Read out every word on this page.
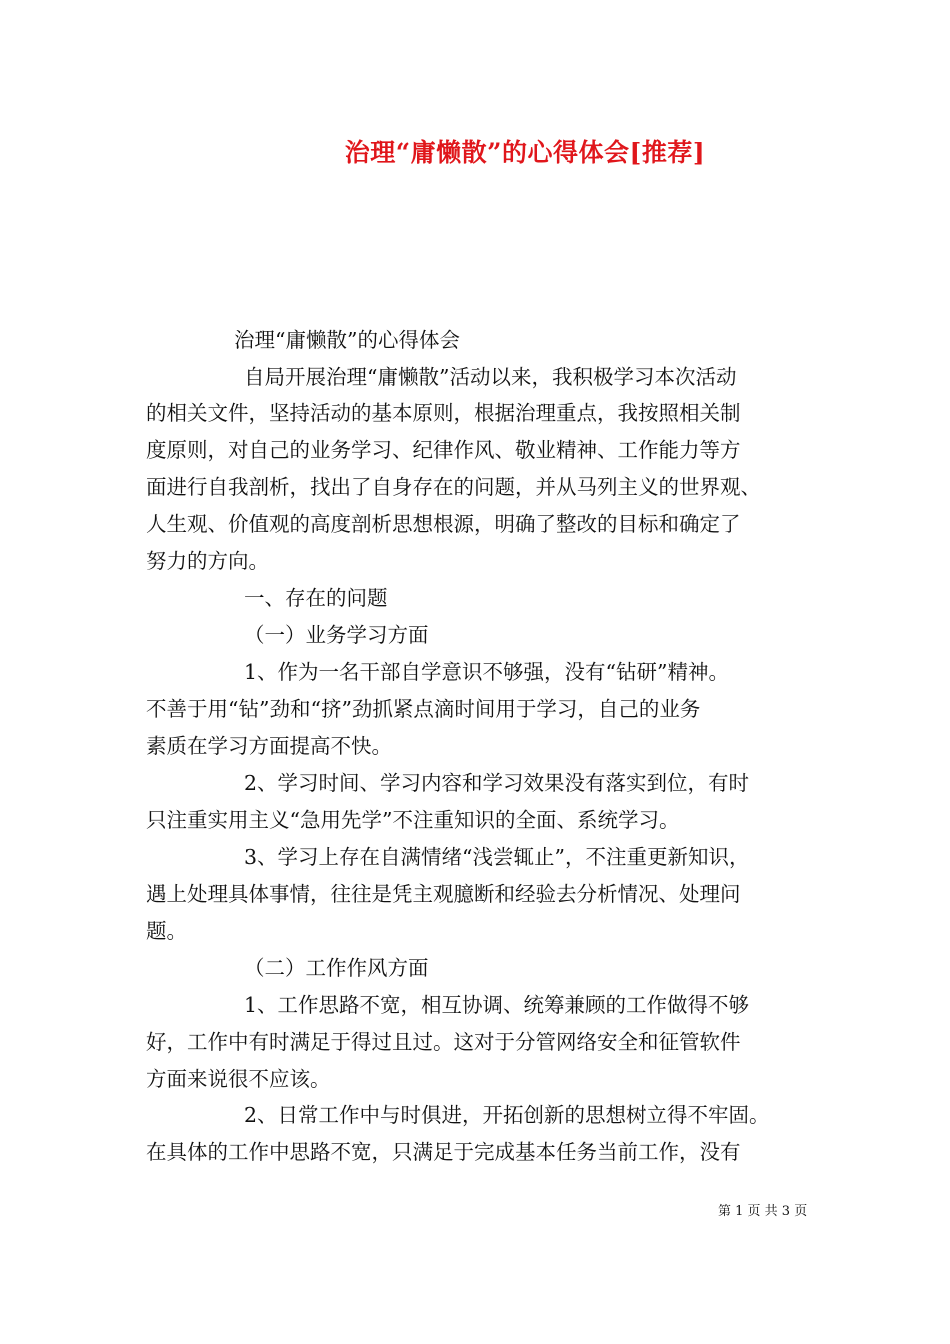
治理“庸懒散”的心得体会[推荐]
治理“庸懒散”的心得体会
自局开展治理“庸懒散”活动以来，我积极学习本次活动
的相关文件，坚持活动的基本原则，根据治理重点，我按照相关制
度原则，对自己的业务学习、纪律作风、敬业精神、工作能力等方
面进行自我剖析，找出了自身存在的问题，并从马列主义的世界观、
人生观、价值观的高度剖析思想根源，明确了整改的目标和确定了
努力的方向。
一、存在的问题
（一）业务学习方面
1、作为一名干部自学意识不够强，没有“钻研”精神。
不善于用“钻”劲和“挤”劲抓紧点滴时间用于学习，自己的业务
素质在学习方面提高不快。
2、学习时间、学习内容和学习效果没有落实到位，有时
只注重实用主义“急用先学”不注重知识的全面、系统学习。
3、学习上存在自满情绪“浅尝辄止”，不注重更新知识，
遇上处理具体事情，往往是凭主观臆断和经验去分析情况、处理问
题。
（二）工作作风方面
1、工作思路不宽，相互协调、统筹兼顾的工作做得不够
好，工作中有时满足于得过且过。这对于分管网络安全和征管软件
方面来说很不应该。
2、日常工作中与时俱进，开拓创新的思想树立得不牢固。
在具体的工作中思路不宽，只满足于完成基本任务当前工作，没有
第 1 页 共 3 页
